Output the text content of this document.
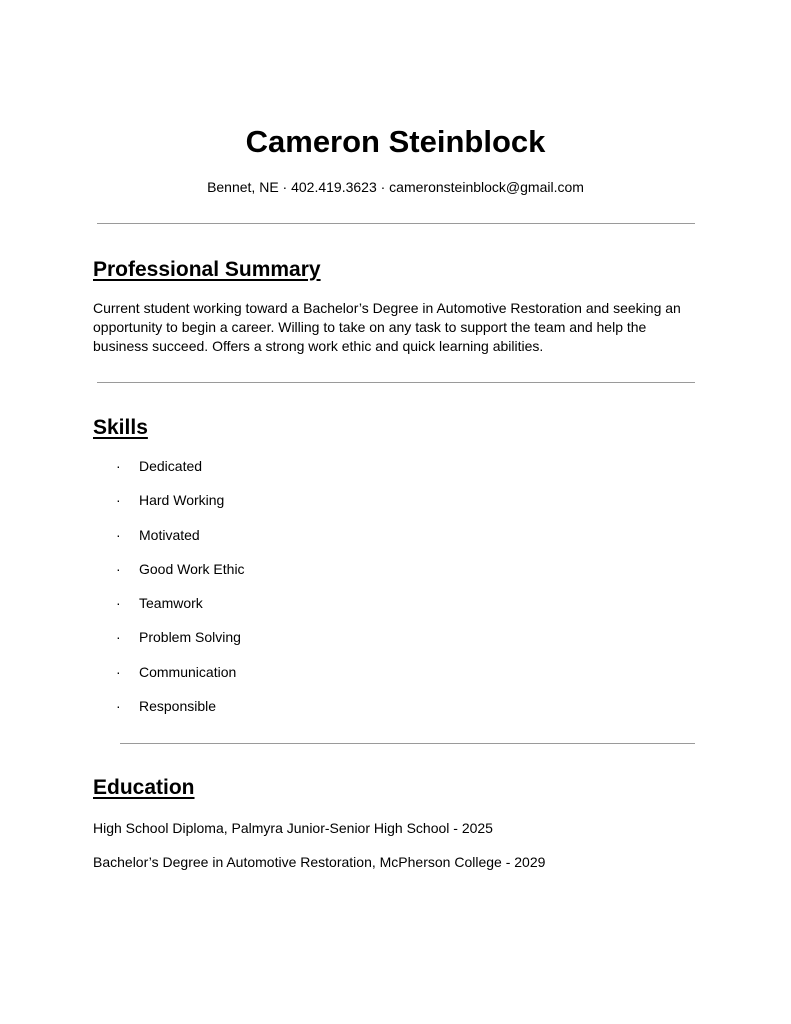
Cameron Steinblock
Bennet, NE · 402.419.3623 · cameronsteinblock@gmail.com
Professional Summary

Current student working toward a Bachelor’s Degree in Automotive Restoration and seeking an opportunity to begin a career. Willing to take on any task to support the team and help the business succeed. Offers a strong work ethic and quick learning abilities.

Skills
· Dedicated
· Hard Working
· Motivated
· Good Work Ethic
· Teamwork
· Problem Solving
· Communication
· Responsible
Education
High School Diploma, Palmyra Junior-Senior High School - 2025
Bachelor’s Degree in Automotive Restoration, McPherson College - 2029
